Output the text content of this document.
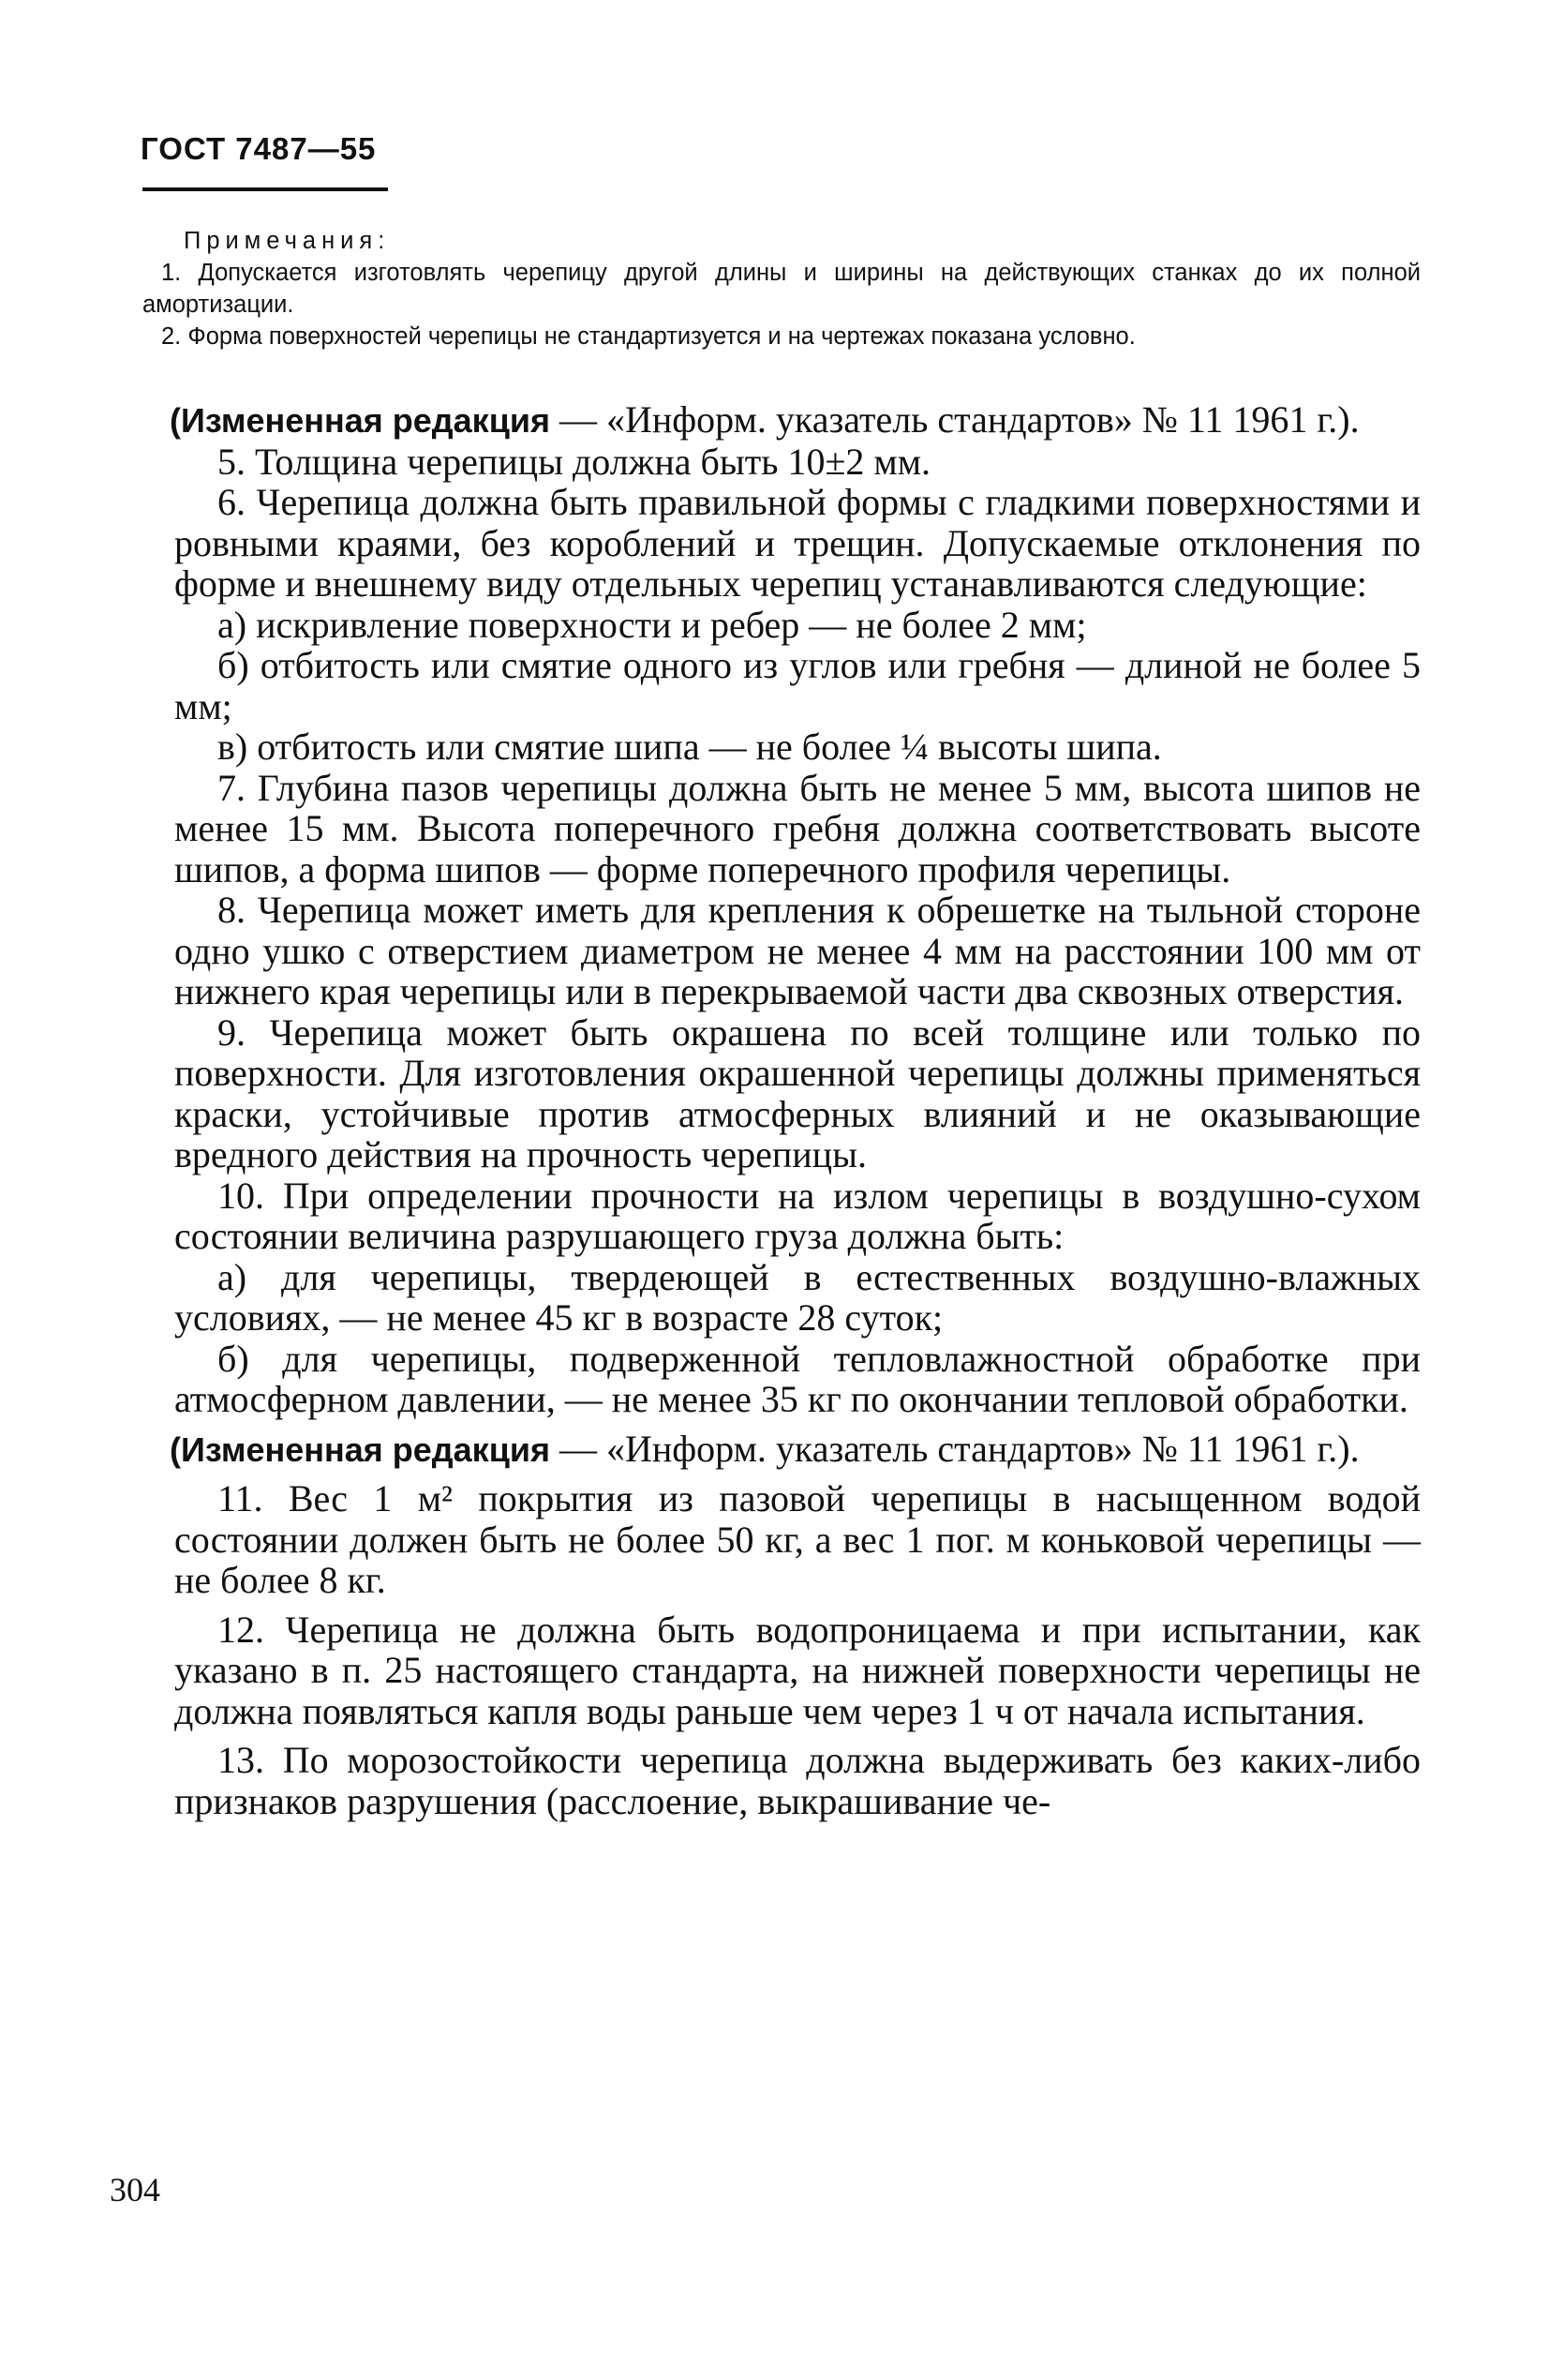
ГОСТ 7487—55

Примечания:

1. Допускается изготовлять черепицу другой длины и ширины на действующих станках до их полной амортизации.

2. Форма поверхностей черепицы не стандартизуется и на чертежах показана условно.

(Измененная редакция — «Информ. указатель стандартов» № 11 1961 г.).

5. Толщина черепицы должна быть 10±2 мм.

6. Черепица должна быть правильной формы с гладкими поверхностями и ровными краями, без короблений и трещин. Допускаемые отклонения по форме и внешнему виду отдельных черепиц устанавливаются следующие:

а) искривление поверхности и ребер — не более 2 мм;

б) отбитость или смятие одного из углов или гребня — длиной не более 5 мм;

в) отбитость или смятие шипа — не более ¼ высоты шипа.

7. Глубина пазов черепицы должна быть не менее 5 мм, высота шипов не менее 15 мм. Высота поперечного гребня должна соответствовать высоте шипов, а форма шипов — форме поперечного профиля черепицы.

8. Черепица может иметь для крепления к обрешетке на тыльной стороне одно ушко с отверстием диаметром не менее 4 мм на расстоянии 100 мм от нижнего края черепицы или в перекрываемой части два сквозных отверстия.

9. Черепица может быть окрашена по всей толщине или только по поверхности. Для изготовления окрашенной черепицы должны применяться краски, устойчивые против атмосферных влияний и не оказывающие вредного действия на прочность черепицы.

10. При определении прочности на излом черепицы в воздушно-сухом состоянии величина разрушающего груза должна быть:

а) для черепицы, твердеющей в естественных воздушно-влажных условиях, — не менее 45 кг в возрасте 28 суток;

б) для черепицы, подверженной тепловлажностной обработке при атмосферном давлении, — не менее 35 кг по окончании тепловой обработки.

(Измененная редакция — «Информ. указатель стандартов» № 11 1961 г.).

11. Вес 1 м² покрытия из пазовой черепицы в насыщенном водой состоянии должен быть не более 50 кг, а вес 1 пог. м коньковой черепицы — не более 8 кг.

12. Черепица не должна быть водопроницаема и при испытании, как указано в п. 25 настоящего стандарта, на нижней поверхности черепицы не должна появляться капля воды раньше чем через 1 ч от начала испытания.

13. По морозостойкости черепица должна выдерживать без каких-либо признаков разрушения (расслоение, выкрашивание че-

304
